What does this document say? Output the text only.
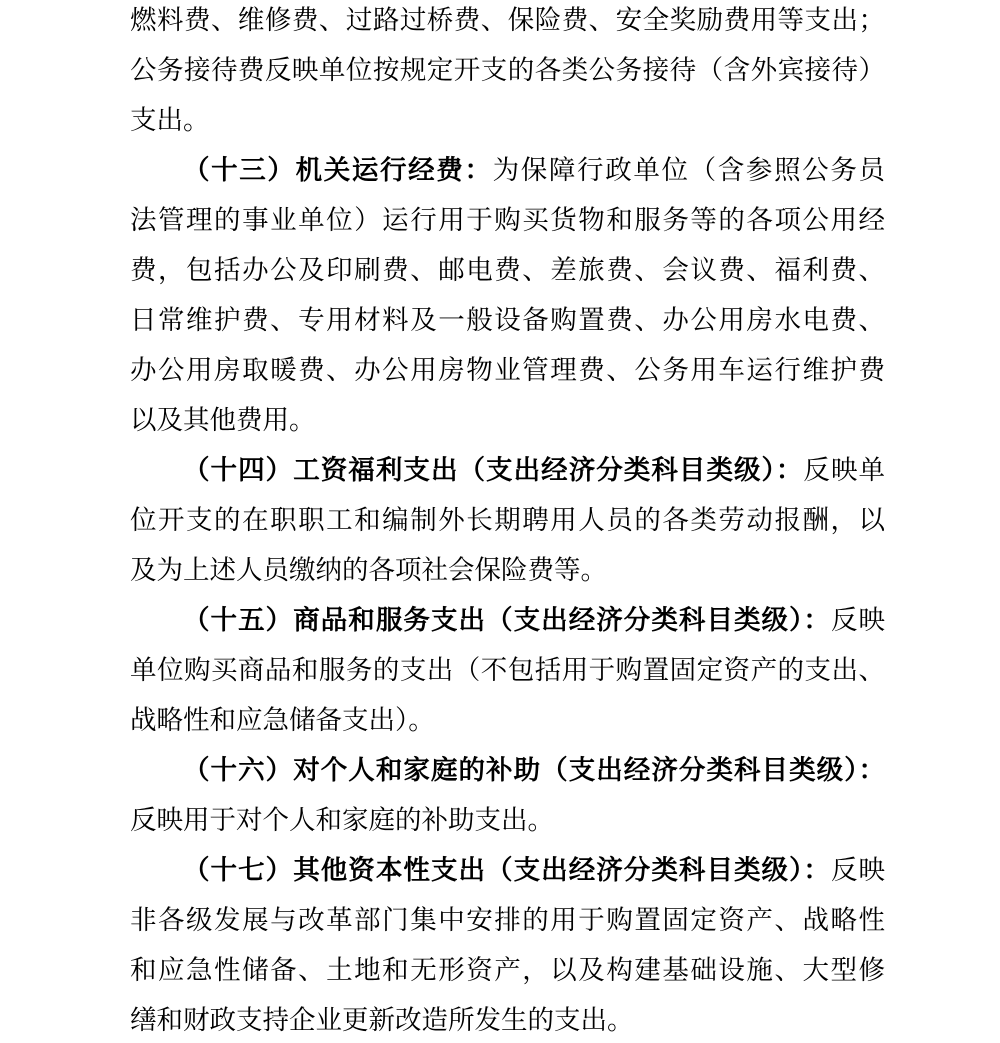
燃料费、维修费、过路过桥费、保险费、安全奖励费用等支出；
公务接待费反映单位按规定开支的各类公务接待（含外宾接待）
支出。
（十三）机关运行经费：为保障行政单位（含参照公务员
法管理的事业单位）运行用于购买货物和服务等的各项公用经
费，包括办公及印刷费、邮电费、差旅费、会议费、福利费、
日常维护费、专用材料及一般设备购置费、办公用房水电费、
办公用房取暖费、办公用房物业管理费、公务用车运行维护费
以及其他费用。
（十四）工资福利支出（支出经济分类科目类级）：反映单
位开支的在职职工和编制外长期聘用人员的各类劳动报酬，以
及为上述人员缴纳的各项社会保险费等。
（十五）商品和服务支出（支出经济分类科目类级）：反映
单位购买商品和服务的支出（不包括用于购置固定资产的支出、
战略性和应急储备支出）。
（十六）对个人和家庭的补助（支出经济分类科目类级）：
反映用于对个人和家庭的补助支出。
（十七）其他资本性支出（支出经济分类科目类级）：反映
非各级发展与改革部门集中安排的用于购置固定资产、战略性
和应急性储备、土地和无形资产，以及构建基础设施、大型修
缮和财政支持企业更新改造所发生的支出。
